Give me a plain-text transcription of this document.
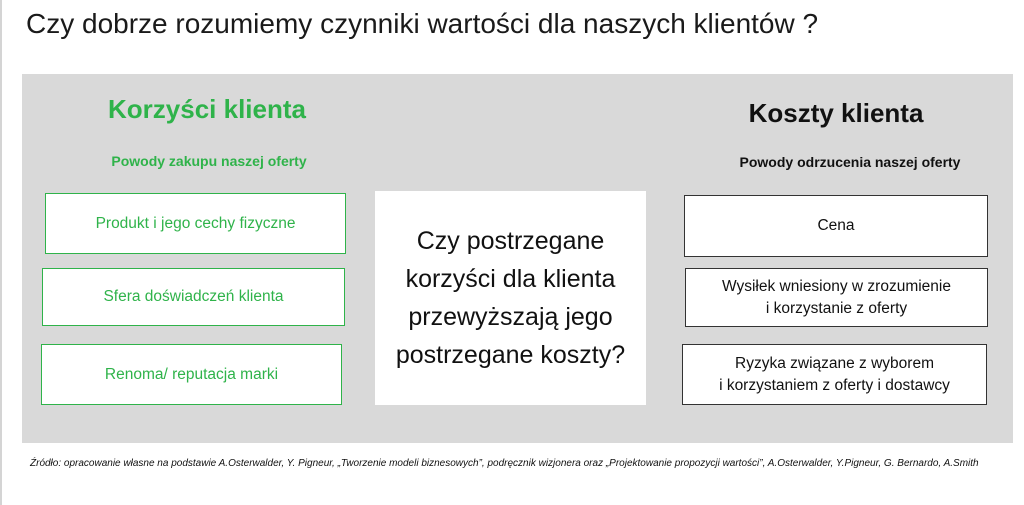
Czy dobrze rozumiemy czynniki wartości dla naszych klientów ?
Korzyści klienta
Powody zakupu naszej oferty
Koszty klienta
Powody odrzucenia naszej oferty
Produkt i jego cechy fizyczne
Sfera doświadczeń klienta
Renoma/ reputacja marki
Czy postrzegane
korzyści dla klienta
przewyższają jego
postrzegane koszty?
Cena
Wysiłek wniesiony w zrozumienie
i korzystanie z oferty
Ryzyka związane z wyborem
i korzystaniem z oferty i dostawcy
Źródło: opracowanie własne na podstawie A.Osterwalder, Y. Pigneur, „Tworzenie modeli biznesowych”, podręcznik wizjonera oraz „Projektowanie propozycji wartości”, A.Osterwalder, Y.Pigneur, G. Bernardo, A.Smith
